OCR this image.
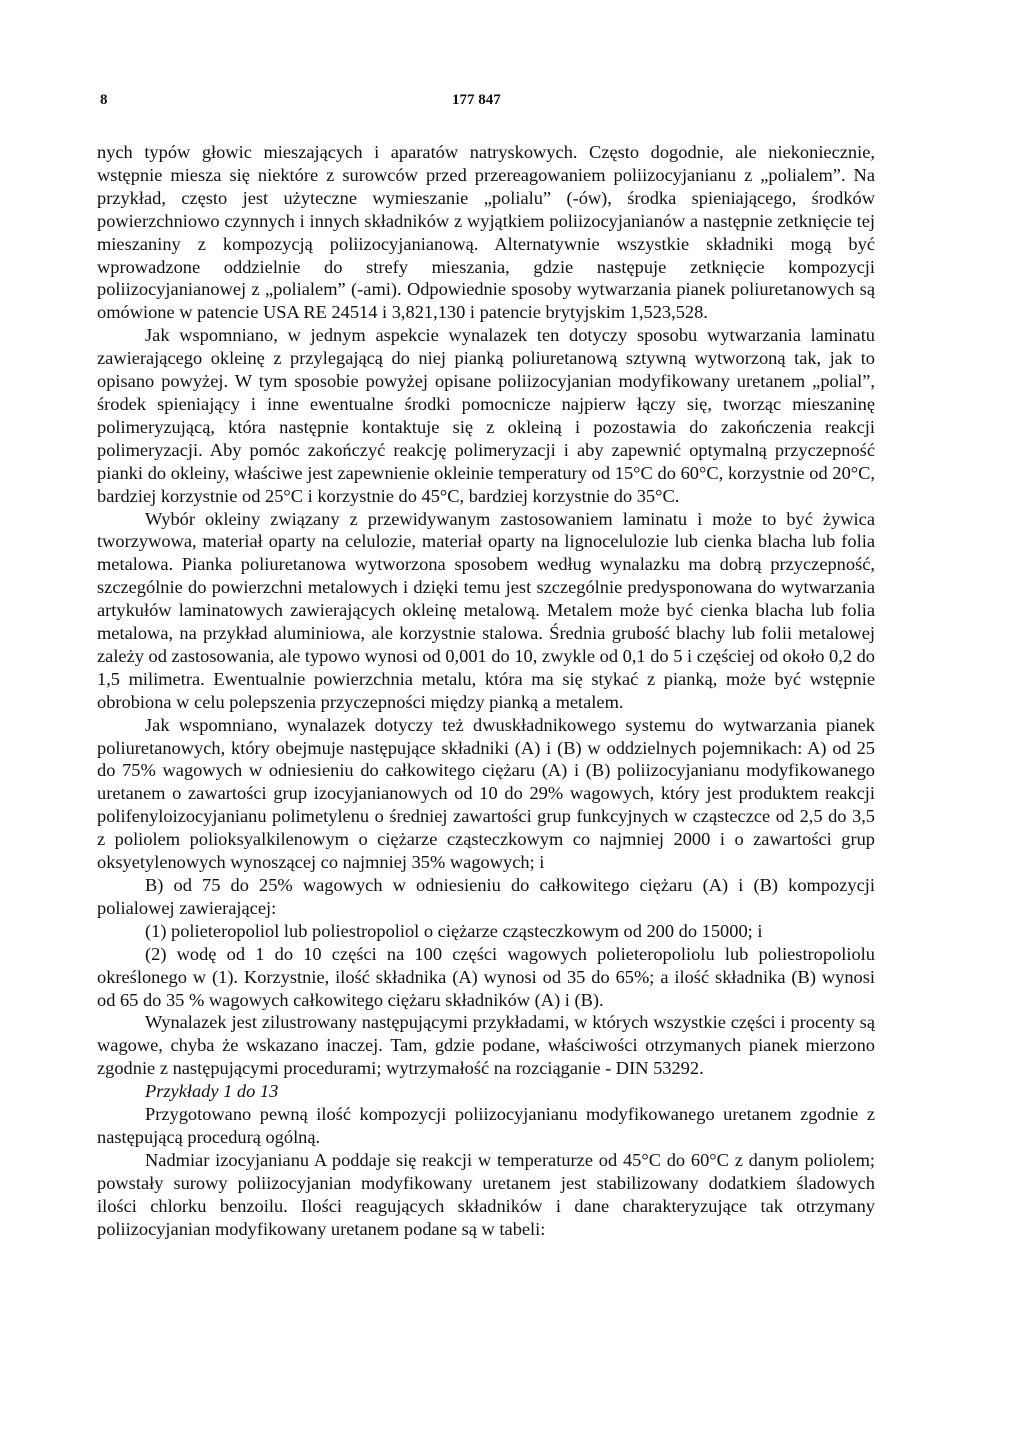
8	177 847

nych typów głowic mieszających i aparatów natryskowych. Często dogodnie, ale niekoniecznie, wstępnie miesza się niektóre z surowców przed przereagowaniem poliizocyjanianu z „polialem”. Na przykład, często jest użyteczne wymieszanie „polialu” (-ów), środka spieniającego, środków powierzchniowo czynnych i innych składników z wyjątkiem poliizocyjanianów a następnie zetknięcie tej mieszaniny z kompozycją poliizocyjanianową. Alternatywnie wszystkie składniki mogą być wprowadzone oddzielnie do strefy mieszania, gdzie następuje zetknięcie kompozycji poliizocyjanianowej z „polialem” (-ami). Odpowiednie sposoby wytwarzania pianek poliuretanowych są omówione w patencie USA RE 24514 i 3,821,130 i patencie brytyjskim 1,523,528.

Jak wspomniano, w jednym aspekcie wynalazek ten dotyczy sposobu wytwarzania laminatu zawierającego okleinę z przylegającą do niej pianką poliuretanową sztywną wytworzoną tak, jak to opisano powyżej. W tym sposobie powyżej opisane poliizocyjanian modyfikowany uretanem „polial”, środek spieniający i inne ewentualne środki pomocnicze najpierw łączy się, tworząc mieszaninę polimeryzującą, która następnie kontaktuje się z okleiną i pozostawia do zakończenia reakcji polimeryzacji. Aby pomóc zakończyć reakcję polimeryzacji i aby zapewnić optymalną przyczepność pianki do okleiny, właściwe jest zapewnienie okleinie temperatury od 15°C do 60°C, korzystnie od 20°C, bardziej korzystnie od 25°C i korzystnie do 45°C, bardziej korzystnie do 35°C.

Wybór okleiny związany z przewidywanym zastosowaniem laminatu i może to być żywica tworzywowa, materiał oparty na celulozie, materiał oparty na lignocelulozie lub cienka blacha lub folia metalowa. Pianka poliuretanowa wytworzona sposobem według wynalazku ma dobrą przyczepność, szczególnie do powierzchni metalowych i dzięki temu jest szczególnie predysponowana do wytwarzania artykułów laminatowych zawierających okleinę metalową. Metalem może być cienka blacha lub folia metalowa, na przykład aluminiowa, ale korzystnie stalowa. Średnia grubość blachy lub folii metalowej zależy od zastosowania, ale typowo wynosi od 0,001 do 10, zwykle od 0,1 do 5 i częściej od około 0,2 do 1,5 milimetra. Ewentualnie powierzchnia metalu, która ma się stykać z pianką, może być wstępnie obrobiona w celu polepszenia przyczepności między pianką a metalem.

Jak wspomniano, wynalazek dotyczy też dwuskładnikowego systemu do wytwarzania pianek poliuretanowych, który obejmuje następujące składniki (A) i (B) w oddzielnych pojemnikach: A) od 25 do 75% wagowych w odniesieniu do całkowitego ciężaru (A) i (B) poliizocyjanianu modyfikowanego uretanem o zawartości grup izocyjanianowych od 10 do 29% wagowych, który jest produktem reakcji polifenyloizocyjanianu polimetylenu o średniej zawartości grup funkcyjnych w cząsteczce od 2,5 do 3,5 z poliolem polioksyalkilenowym o ciężarze cząsteczkowym co najmniej 2000 i o zawartości grup oksyetylenowych wynoszącej co najmniej 35% wagowych; i

B) od 75 do 25% wagowych w odniesieniu do całkowitego ciężaru (A) i (B) kompozycji polialowej zawierającej:

(1) polieteropoliol lub poliestropoliol o ciężarze cząsteczkowym od 200 do 15000; i

(2) wodę od 1 do 10 części na 100 części wagowych polieteropoliolu lub poliestropoliolu określonego w (1). Korzystnie, ilość składnika (A) wynosi od 35 do 65%; a ilość składnika (B) wynosi od 65 do 35 % wagowych całkowitego ciężaru składników (A) i (B).

Wynalazek jest zilustrowany następującymi przykładami, w których wszystkie części i procenty są wagowe, chyba że wskazano inaczej. Tam, gdzie podane, właściwości otrzymanych pianek mierzono zgodnie z następującymi procedurami; wytrzymałość na rozciąganie - DIN 53292.

Przykłady 1 do 13

Przygotowano pewną ilość kompozycji poliizocyjanianu modyfikowanego uretanem zgodnie z następującą procedurą ogólną.

Nadmiar izocyjanianu A poddaje się reakcji w temperaturze od 45°C do 60°C z danym poliolem; powstały surowy poliizocyjanian modyfikowany uretanem jest stabilizowany dodatkiem śladowych ilości chlorku benzoilu. Ilości reagujących składników i dane charakteryzujące tak otrzymany poliizocyjanian modyfikowany uretanem podane są w tabeli:
